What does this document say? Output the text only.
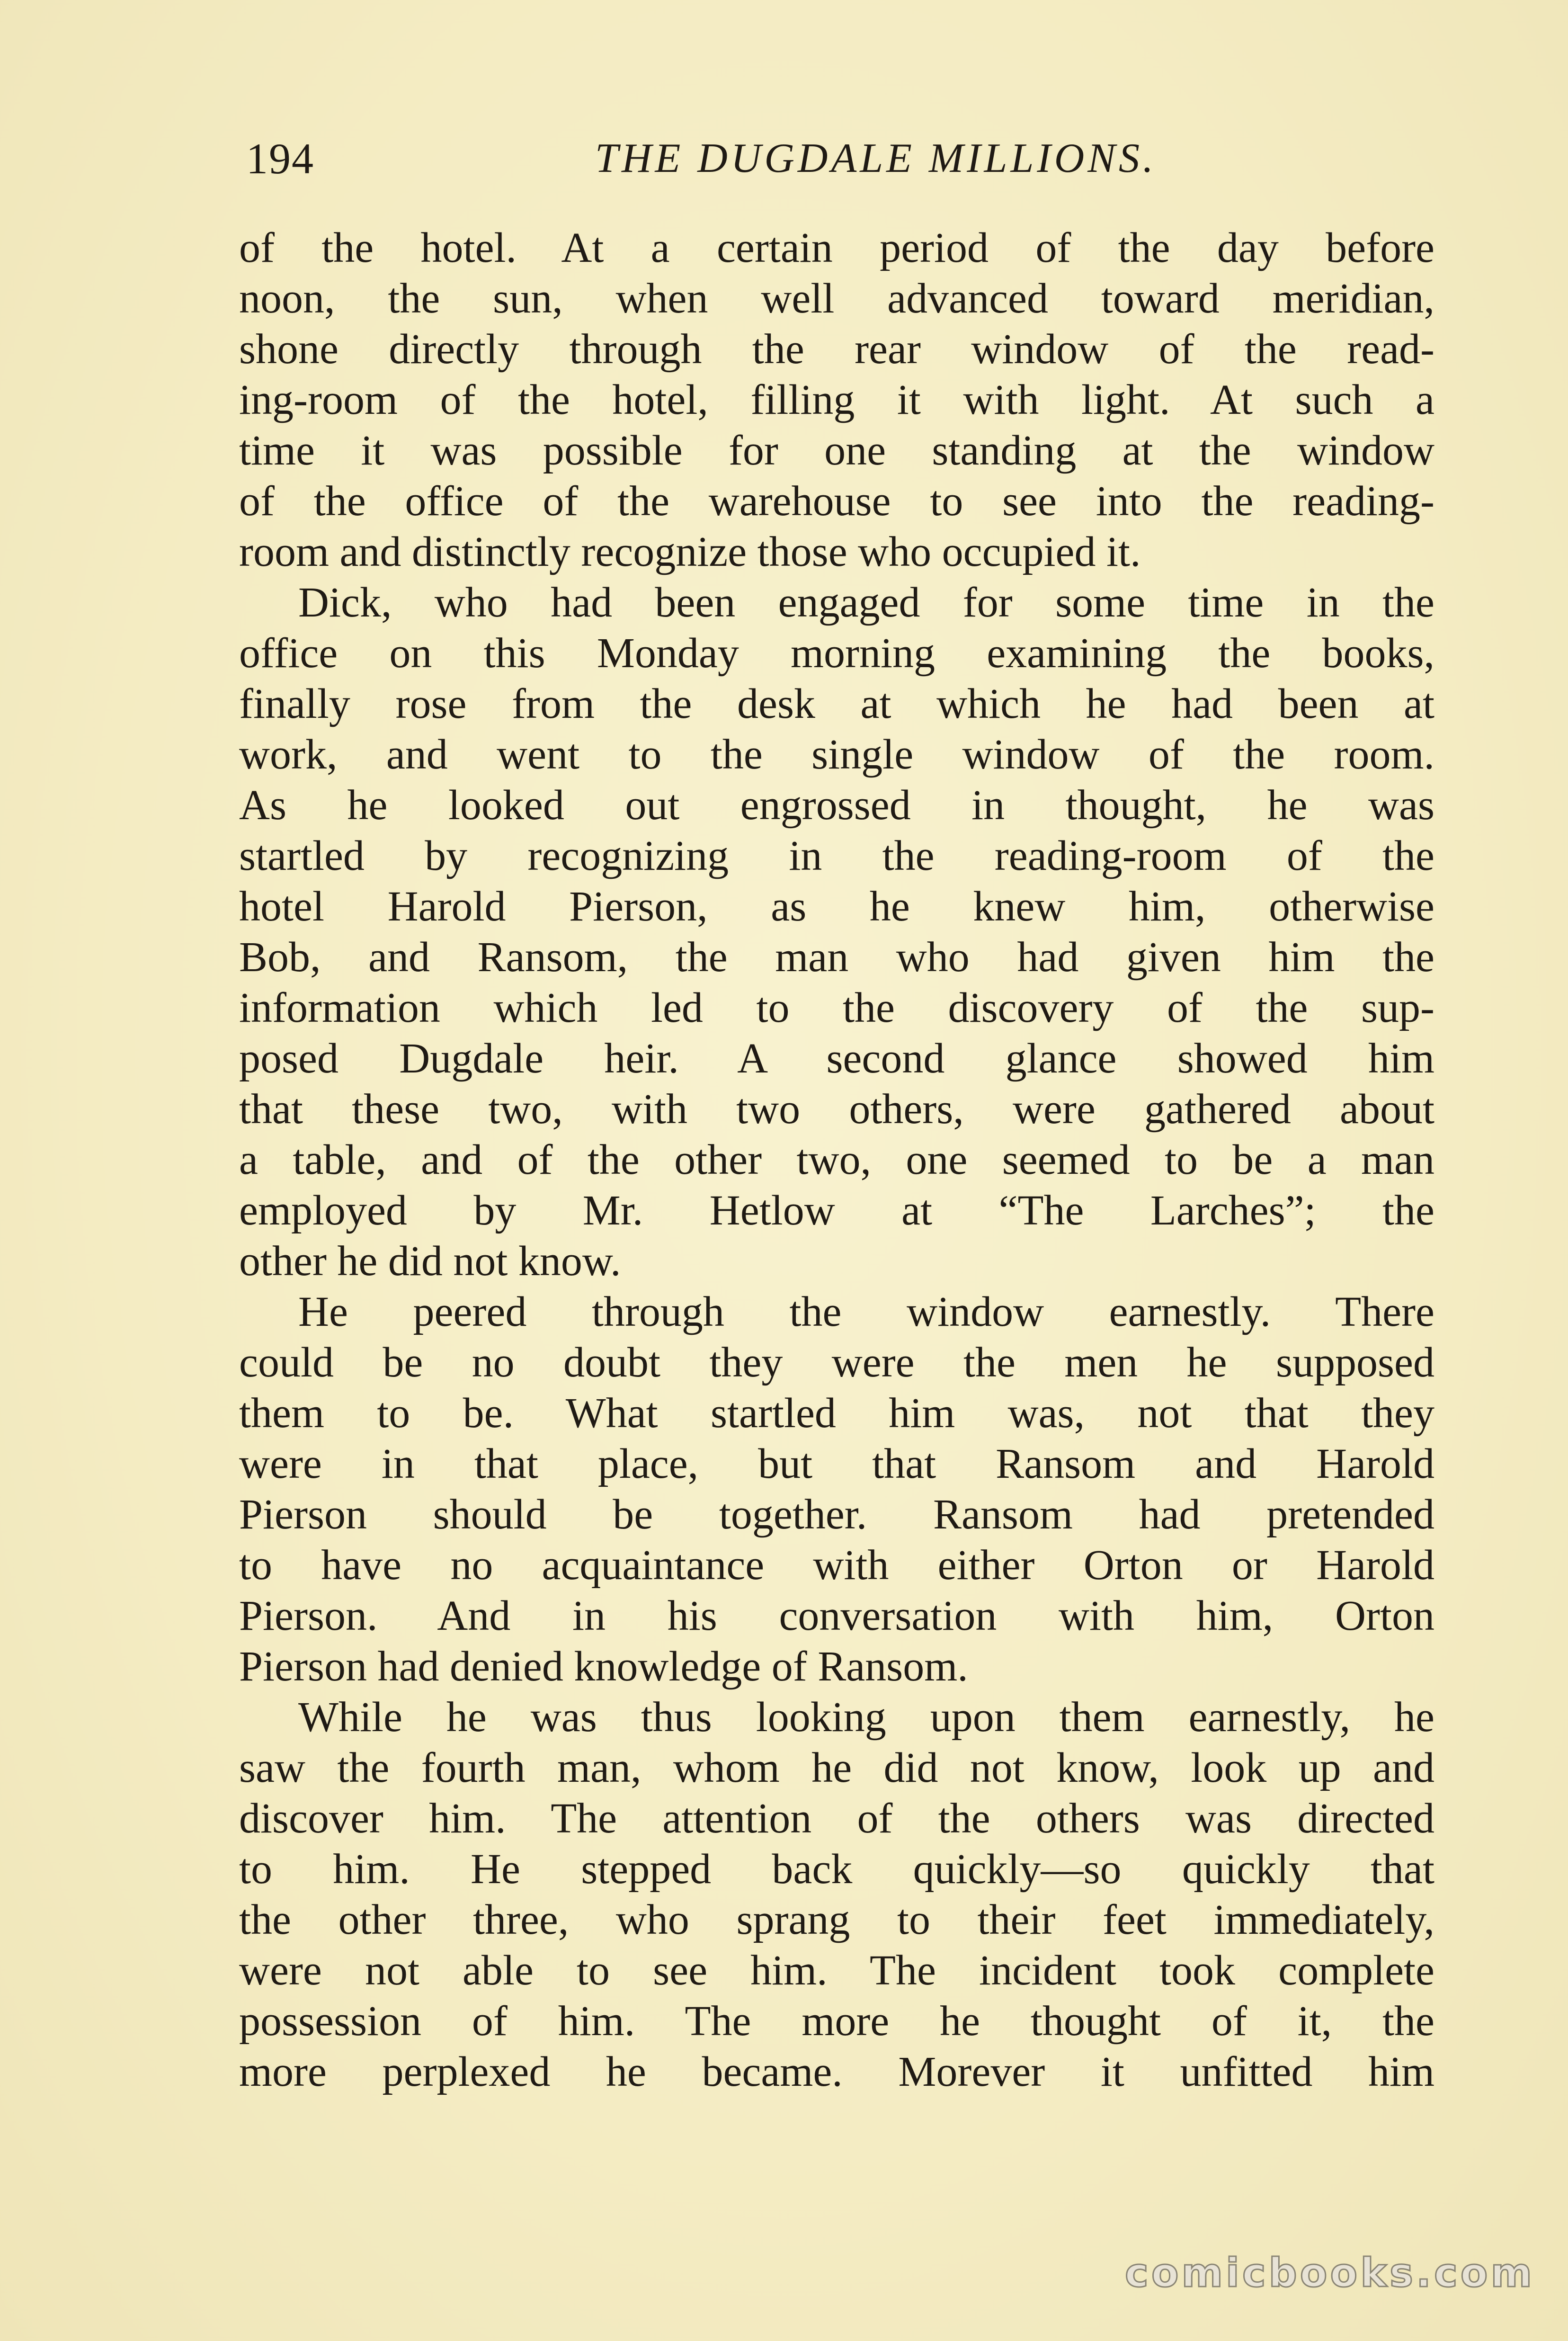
194	THE DUGDALE MILLIONS.
of the hotel. At a certain period of the day before
noon, the sun, when well advanced toward meridian,
shone directly through the rear window of the read-
ing-room of the hotel, filling it with light. At such a
time it was possible for one standing at the window
of the office of the warehouse to see into the reading-
room and distinctly recognize those who occupied it.
Dick, who had been engaged for some time in the
office on this Monday morning examining the books,
finally rose from the desk at which he had been at
work, and went to the single window of the room.
As he looked out engrossed in thought, he was
startled by recognizing in the reading-room of the
hotel Harold Pierson, as he knew him, otherwise
Bob, and Ransom, the man who had given him the
information which led to the discovery of the sup-
posed Dugdale heir. A second glance showed him
that these two, with two others, were gathered about
a table, and of the other two, one seemed to be a man
employed by Mr. Hetlow at “The Larches”; the
other he did not know.
He peered through the window earnestly. There
could be no doubt they were the men he supposed
them to be. What startled him was, not that they
were in that place, but that Ransom and Harold
Pierson should be together. Ransom had pretended
to have no acquaintance with either Orton or Harold
Pierson. And in his conversation with him, Orton
Pierson had denied knowledge of Ransom.
While he was thus looking upon them earnestly, he
saw the fourth man, whom he did not know, look up and
discover him. The attention of the others was directed
to him. He stepped back quickly—so quickly that
the other three, who sprang to their feet immediately,
were not able to see him. The incident took complete
possession of him. The more he thought of it, the
more perplexed he became. Morever it unfitted him
comicbooks.com
